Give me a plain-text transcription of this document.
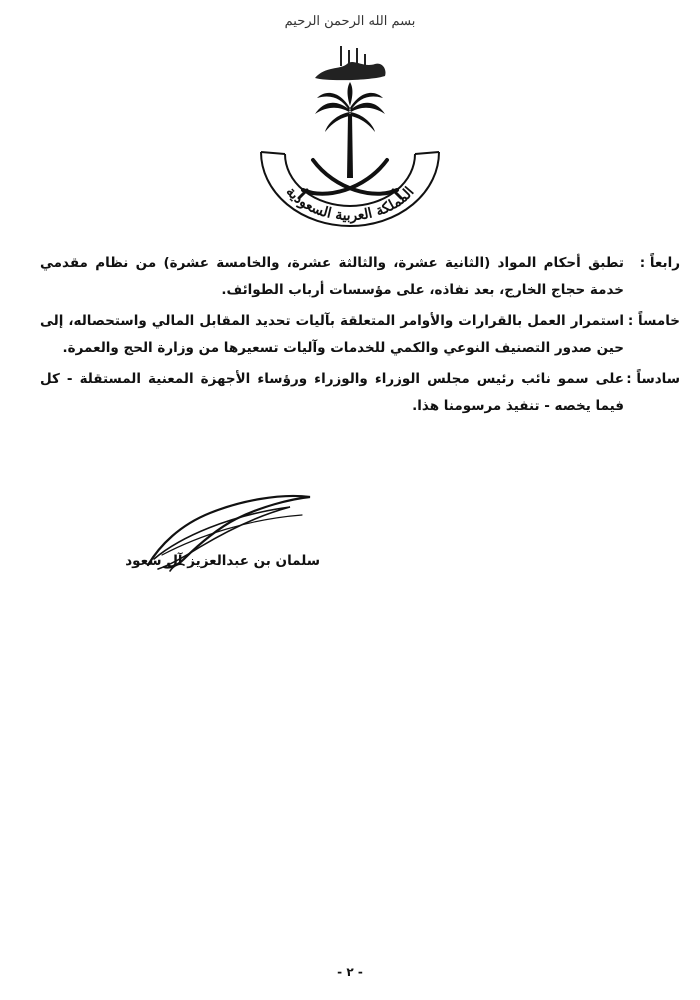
بسم الله الرحمن الرحيم
المملكة العربية السعودية
رابعاً :
تطبق أحكام المواد (الثانية عشرة، والثالثة عشرة، والخامسة عشرة) من نظام مقدمي خدمة حجاج الخارج، بعد نفاذه، على مؤسسات أرباب الطوائف.
خامساً :
استمرار العمل بالقرارات والأوامر المتعلقة بآليات تحديد المقابل المالي واستحصاله، إلى حين صدور التصنيف النوعي والكمي للخدمات وآليات تسعيرها من وزارة الحج والعمرة.
سادساً :
على سمو نائب رئيس مجلس الوزراء والوزراء ورؤساء الأجهزة المعنية المستقلة - كل فيما يخصه - تنفيذ مرسومنا هذا.
سلمان بن عبدالعزيز آل سعود
- ٢ -
